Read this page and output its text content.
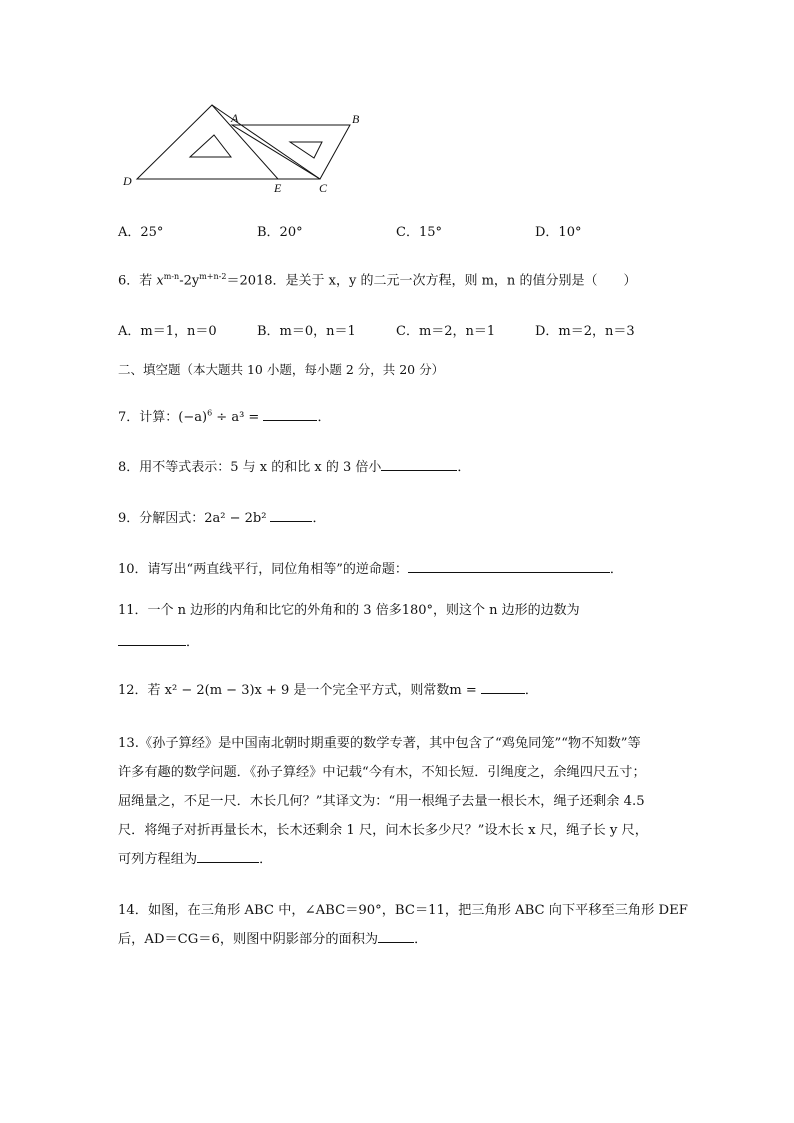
A	B
C
D	E
A．25°	B．20°	C．15°	D．10°
6．若 $x^{m-n}-2y^{m+n-2}=2018$．是关于 x，y 的二元一次方程，则 m，n 的值分别是（　　）
A．m＝1，n＝0	B．m＝0，n＝1	C．m＝2，n＝1	D．m＝2，n＝3
二、填空题（本大题共 10 小题，每小题 2 分，共 20 分）
7．计算：$(-a)^6 \div a^3$ =	．
8．用不等式表示：5 与 x 的和比 x 的 3 倍小	．
9．分解因式：2a² − 2b²	．
10．请写出“两直线平行，同位角相等”的逆命题：	．
11．一个 n 边形的内角和比它的外角和的 3 倍多180°，则这个 n 边形的边数为
．
12．若 x² − 2(m − 3)x + 9 是一个完全平方式，则常数m =	．
13.《孙子算经》是中国南北朝时期重要的数学专著，其中包含了“鸡兔同笼”“物不知数”等
许多有趣的数学问题．《孙子算经》中记载“今有木，不知长短．引绳度之，余绳四尺五寸；
屈绳量之，不足一尺．木长几何？”其译文为：“用一根绳子去量一根长木，绳子还剩余 4.5
尺．将绳子对折再量长木，长木还剩余 1 尺，问木长多少尺？”设木长 x 尺，绳子长 y 尺，
可列方程组为	．
14．如图，在三角形 ABC 中，∠ABC＝90°，BC＝11，把三角形 ABC 向下平移至三角形 DEF
后，AD＝CG＝6，则图中阴影部分的面积为	．
